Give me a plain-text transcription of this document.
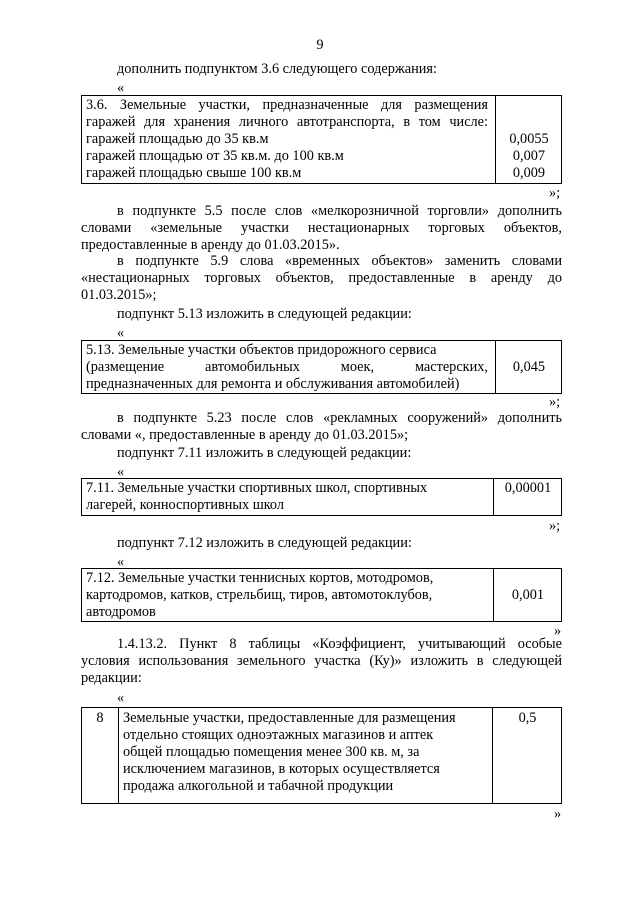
9
дополнить подпунктом 3.6 следующего содержания:
«
3.6. Земельные участки, предназначенные для размещения
гаражей для хранения личного автотранспорта, в том числе:
гаражей площадью до 35 кв.м
гаражей площадью от 35 кв.м. до 100 кв.м
гаражей площадью свыше 100 кв.м
0,0055
0,007
0,009
»;
в подпункте 5.5 после слов «мелкорозничной торговли» дополнить
словами «земельные участки нестационарных торговых объектов,
предоставленные в аренду до 01.03.2015».
в подпункте 5.9 слова «временных объектов» заменить словами
«нестационарных торговых объектов, предоставленные в аренду до
01.03.2015»;
подпункт 5.13 изложить в следующей редакции:
«
5.13. Земельные участки объектов придорожного сервиса
(размещение автомобильных моек, мастерских,
предназначенных для ремонта и обслуживания автомобилей)
0,045
»;
в подпункте 5.23 после слов «рекламных сооружений» дополнить
словами «, предоставленные в аренду до 01.03.2015»;
подпункт 7.11 изложить в следующей редакции:
«
7.11. Земельные участки спортивных школ, спортивных
лагерей, конноспортивных школ
0,00001
»;
подпункт 7.12 изложить в следующей редакции:
«
7.12. Земельные участки теннисных кортов, мотодромов,
картодромов, катков, стрельбищ, тиров, автомотоклубов,
автодромов
0,001
»
1.4.13.2. Пункт 8 таблицы «Коэффициент, учитывающий особые
условия использования земельного участка (Ку)» изложить в следующей
редакции:
«
8	Земельные участки, предоставленные для размещения
отдельно стоящих одноэтажных магазинов и аптек
общей площадью помещения менее 300 кв. м, за
исключением магазинов, в которых осуществляется
продажа алкогольной и табачной продукции
0,5
»
